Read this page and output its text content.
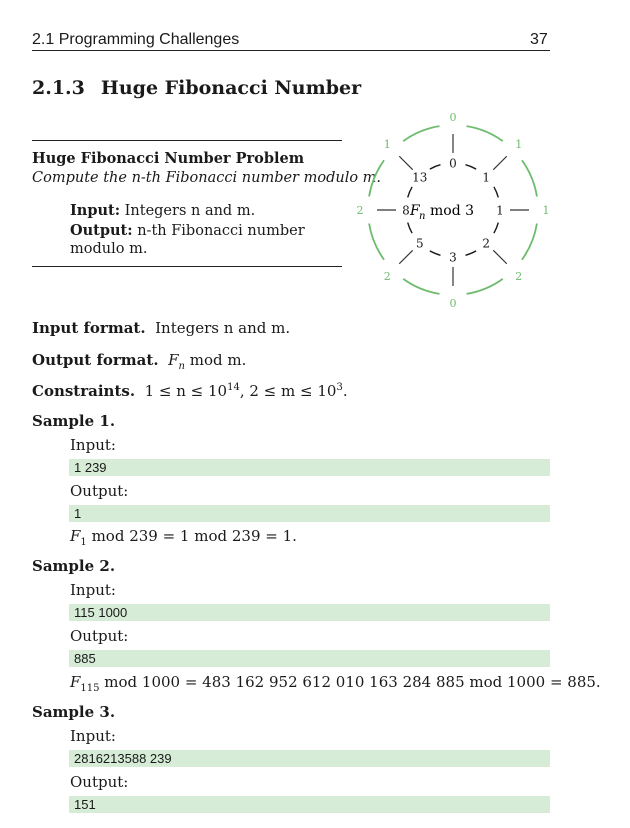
2.1 Programming Challenges	37
2.1.3 Huge Fibonacci Number
Huge Fibonacci Number Problem
Compute the n-th Fibonacci number modulo m.
Input: Integers n and m.
Output: n-th Fibonacci number
modulo m.
0
0
1
1
1	1
2
2
3
0
5
2
8
2
13
1
F n mod 3
Input format. Integers n and m.
Output format. $F_n$ mod m.
Constraints. $1 \le n \le 10^{14}$, $2 \le m \le 10^3$.
Sample 1.
Input:
1 239
Output:
1
$F_1$ mod 239 = 1 mod 239 = 1.
Sample 2.
Input:
115 1000
Output:
885
$F_{115}$ mod 1000 = 483 162 952 612 010 163 284 885 mod 1000 = 885.
Sample 3.
Input:
2816213588 239
Output:
151
